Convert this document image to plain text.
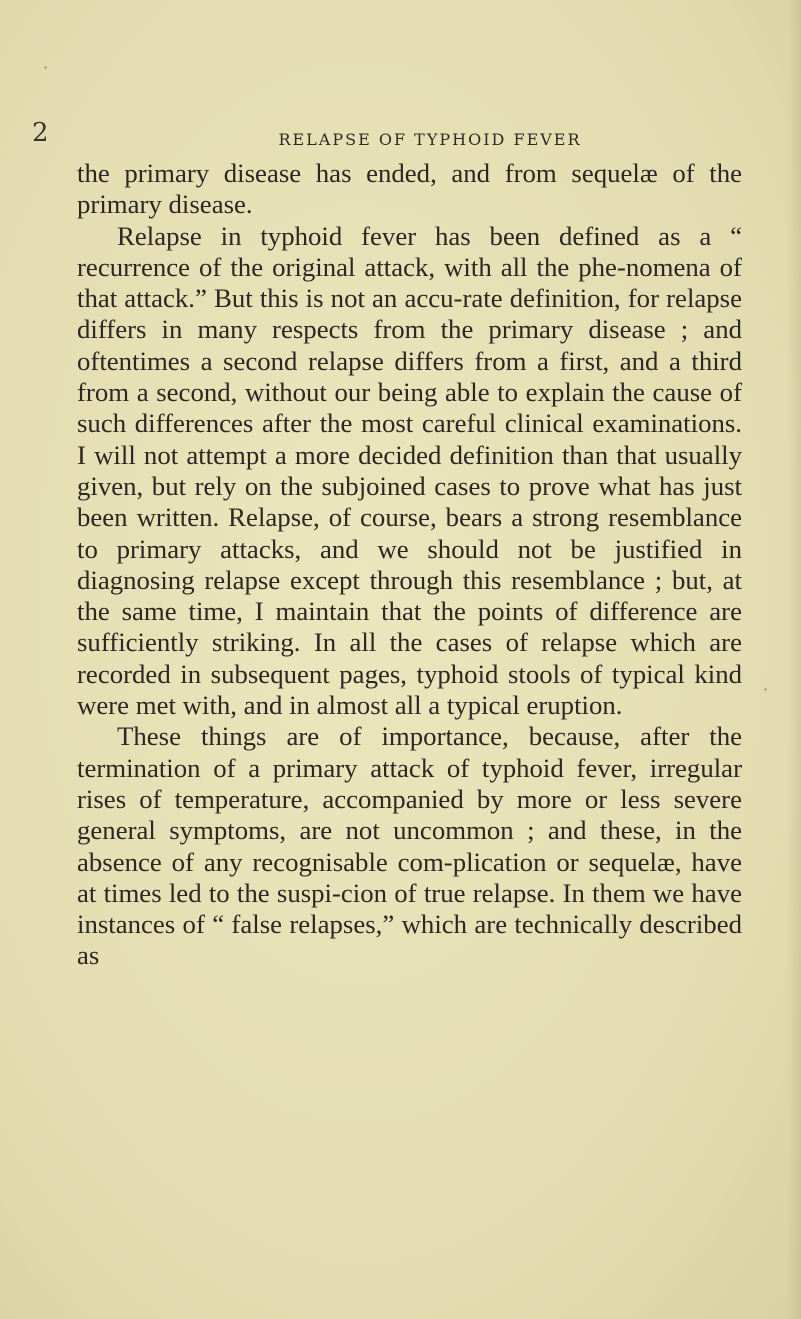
2	RELAPSE OF TYPHOID FEVER

the primary disease has ended, and from sequelæ of the primary disease.

Relapse in typhoid fever has been defined as a “ recurrence of the original attack, with all the phe-nomena of that attack.” But this is not an accu-rate definition, for relapse differs in many respects from the primary disease ; and oftentimes a second relapse differs from a first, and a third from a second, without our being able to explain the cause of such differences after the most careful clinical examinations. I will not attempt a more decided definition than that usually given, but rely on the subjoined cases to prove what has just been written. Relapse, of course, bears a strong resemblance to primary attacks, and we should not be justified in diagnosing relapse except through this resemblance ; but, at the same time, I maintain that the points of difference are sufficiently striking. In all the cases of relapse which are recorded in subsequent pages, typhoid stools of typical kind were met with, and in almost all a typical eruption.

These things are of importance, because, after the termination of a primary attack of typhoid fever, irregular rises of temperature, accompanied by more or less severe general symptoms, are not uncommon ; and these, in the absence of any recognisable com-plication or sequelæ, have at times led to the suspi-cion of true relapse. In them we have instances of “ false relapses,” which are technically described as
